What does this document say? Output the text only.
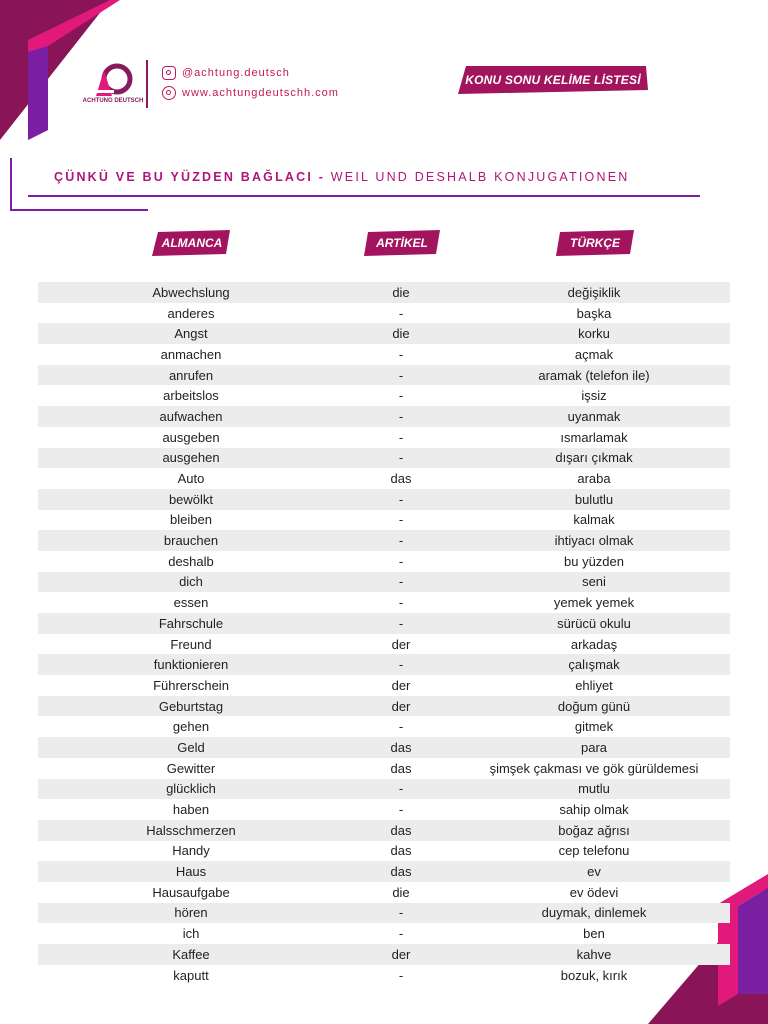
ACHTUNG DEUTSCH
@achtung.deutsch
www.achtungdeutschh.com
KONU SONU KELİME LİSTESİ
ÇÜNKÜ VE BU YÜZDEN BAĞLACI - WEIL UND DESHALB KONJUGATIONEN
ALMANCA	ARTİKEL	TÜRKÇE
Abwechslung	die	değişiklik
anderes	-	başka
Angst	die	korku
anmachen	-	açmak
anrufen	-	aramak (telefon ile)
arbeitslos	-	işsiz
aufwachen	-	uyanmak
ausgeben	-	ısmarlamak
ausgehen	-	dışarı çıkmak
Auto	das	araba
bewölkt	-	bulutlu
bleiben	-	kalmak
brauchen	-	ihtiyacı olmak
deshalb	-	bu yüzden
dich	-	seni
essen	-	yemek yemek
Fahrschule	-	sürücü okulu
Freund	der	arkadaş
funktionieren	-	çalışmak
Führerschein	der	ehliyet
Geburtstag	der	doğum günü
gehen	-	gitmek
Geld	das	para
Gewitter	das	şimşek çakması ve gök gürüldemesi
glücklich	-	mutlu
haben	-	sahip olmak
Halsschmerzen	das	boğaz ağrısı
Handy	das	cep telefonu
Haus	das	ev
Hausaufgabe	die	ev ödevi
hören	-	duymak, dinlemek
ich	-	ben
Kaffee	der	kahve
kaputt	-	bozuk, kırık
